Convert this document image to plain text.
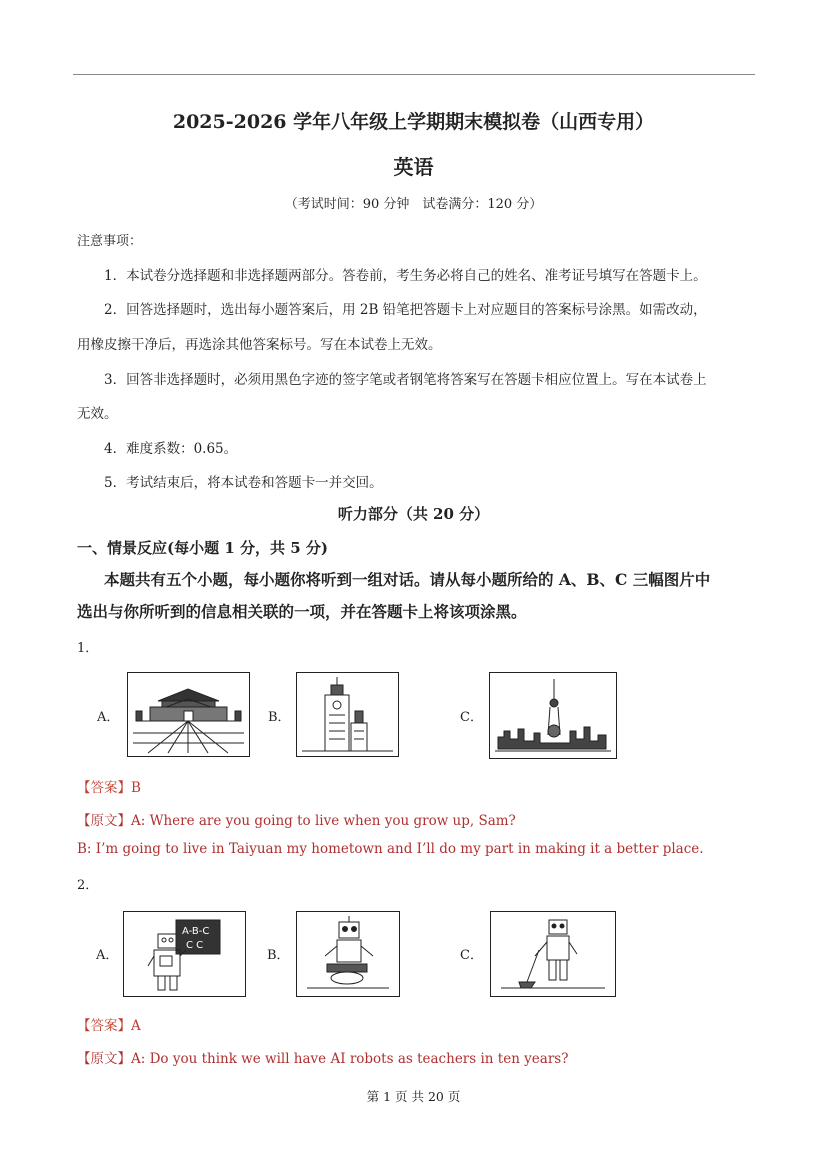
2025-2026 学年八年级上学期期末模拟卷（山西专用）
英语
（考试时间：90 分钟　试卷满分：120 分）
注意事项：
1．本试卷分选择题和非选择题两部分。答卷前，考生务必将自己的姓名、准考证号填写在答题卡上。
2．回答选择题时，选出每小题答案后，用 2B 铅笔把答题卡上对应题目的答案标号涂黑。如需改动，
用橡皮擦干净后，再选涂其他答案标号。写在本试卷上无效。
3．回答非选择题时，必须用黑色字迹的签字笔或者钢笔将答案写在答题卡相应位置上。写在本试卷上
无效。
4．难度系数：0.65。
5．考试结束后，将本试卷和答题卡一并交回。
听力部分（共 20 分）
一、情景反应(每小题 1 分，共 5 分)
本题共有五个小题，每小题你将听到一组对话。请从每小题所给的 A、B、C 三幅图片中
选出与你所听到的信息相关联的一项，并在答题卡上将该项涂黑。
1．
A．	B．	C．
【答案】B
【原文】A: Where are you going to live when you grow up, Sam?
B: I’m going to live in Taiyuan my hometown and I’ll do my part in making it a better place.
2．
A．
A-B-C
C C
B．	C．
【答案】A
【原文】A: Do you think we will have AI robots as teachers in ten years?
第 1 页 共 20 页
